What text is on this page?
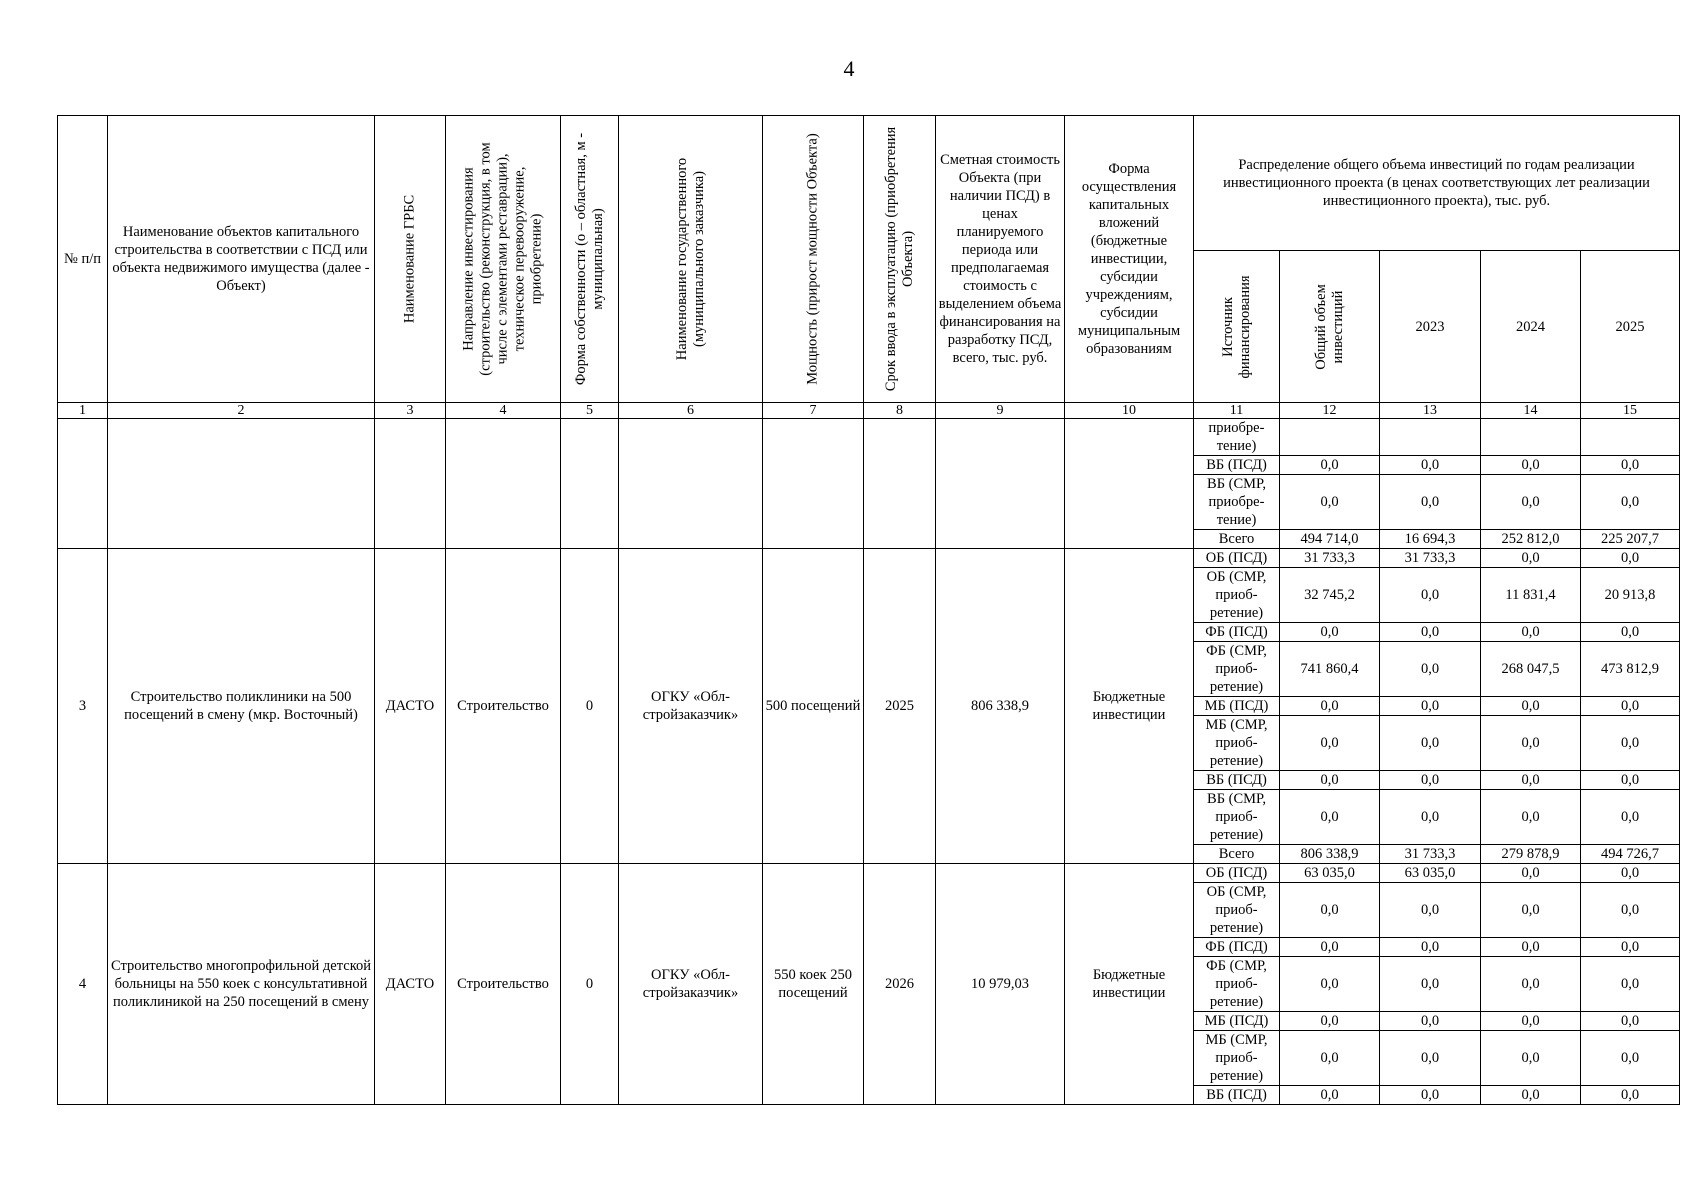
4
№ п/п	Наименование объектов капитального строительства в соответствии с ПСД или объекта недвижимого имущества (далее - Объект)	Наименование ГРБС	Направление инвестирования (строительство (реконструкция, в том числе с элементами реставрации), техническое перевооружение, приобретение)	Форма собственности (о – областная, м - муниципальная)	Наименование государственного (муниципального заказчика)	Мощность (прирост мощности Объекта)	Срок ввода в эксплуатацию (приобретения Объекта)	Сметная стоимость Объекта (при наличии ПСД) в ценах планируемого периода или предполагаемая стоимость с выделением объема финансирования на разработку ПСД, всего, тыс. руб.	Форма осуществления капитальных вложений (бюджетные инвестиции, субсидии учреждениям, субсидии муниципальным образованиям	Распределение общего объема инвестиций по годам реализации инвестиционного проекта (в ценах соответствующих лет реализации инвестиционного проекта), тыс. руб.				

										Источник финансирования	Общий объем инвестиций	2023	2024	2025
1	2	3	4	5	6	7	8	9	10	11	12	13	14	15
										приобре-тение)				
										ВБ (ПСД)	0,0	0,0	0,0	0,0
										ВБ (СМР, приобре-тение)	0,0	0,0	0,0	0,0
										Всего	494 714,0	16 694,3	252 812,0	225 207,7
3	Строительство поликлиники на 500 посещений в смену (мкр. Восточный)	ДАСТО	Строительство	0	ОГКУ «Обл-стройзаказчик»	500 посещений	2025	806 338,9	Бюджетные инвестиции	ОБ (ПСД)	31 733,3	31 733,3	0,0	0,0
										ОБ (СМР, приоб-ретение)	32 745,2	0,0	11 831,4	20 913,8
										ФБ (ПСД)	0,0	0,0	0,0	0,0
										ФБ (СМР, приоб-ретение)	741 860,4	0,0	268 047,5	473 812,9
										МБ (ПСД)	0,0	0,0	0,0	0,0
										МБ (СМР, приоб-ретение)	0,0	0,0	0,0	0,0
										ВБ (ПСД)	0,0	0,0	0,0	0,0
										ВБ (СМР, приоб-ретение)	0,0	0,0	0,0	0,0
										Всего	806 338,9	31 733,3	279 878,9	494 726,7
4	Строительство многопрофильной детской больницы на 550 коек с консультативной поликлиникой на 250 посещений в смену	ДАСТО	Строительство	0	ОГКУ «Обл-стройзаказчик»	550 коек 250 посещений	2026	10 979,03	Бюджетные инвестиции	ОБ (ПСД)	63 035,0	63 035,0	0,0	0,0
										ОБ (СМР, приоб-ретение)	0,0	0,0	0,0	0,0
										ФБ (ПСД)	0,0	0,0	0,0	0,0
										ФБ (СМР, приоб-ретение)	0,0	0,0	0,0	0,0
										МБ (ПСД)	0,0	0,0	0,0	0,0
										МБ (СМР, приоб-ретение)	0,0	0,0	0,0	0,0
										ВБ (ПСД)	0,0	0,0	0,0	0,0
